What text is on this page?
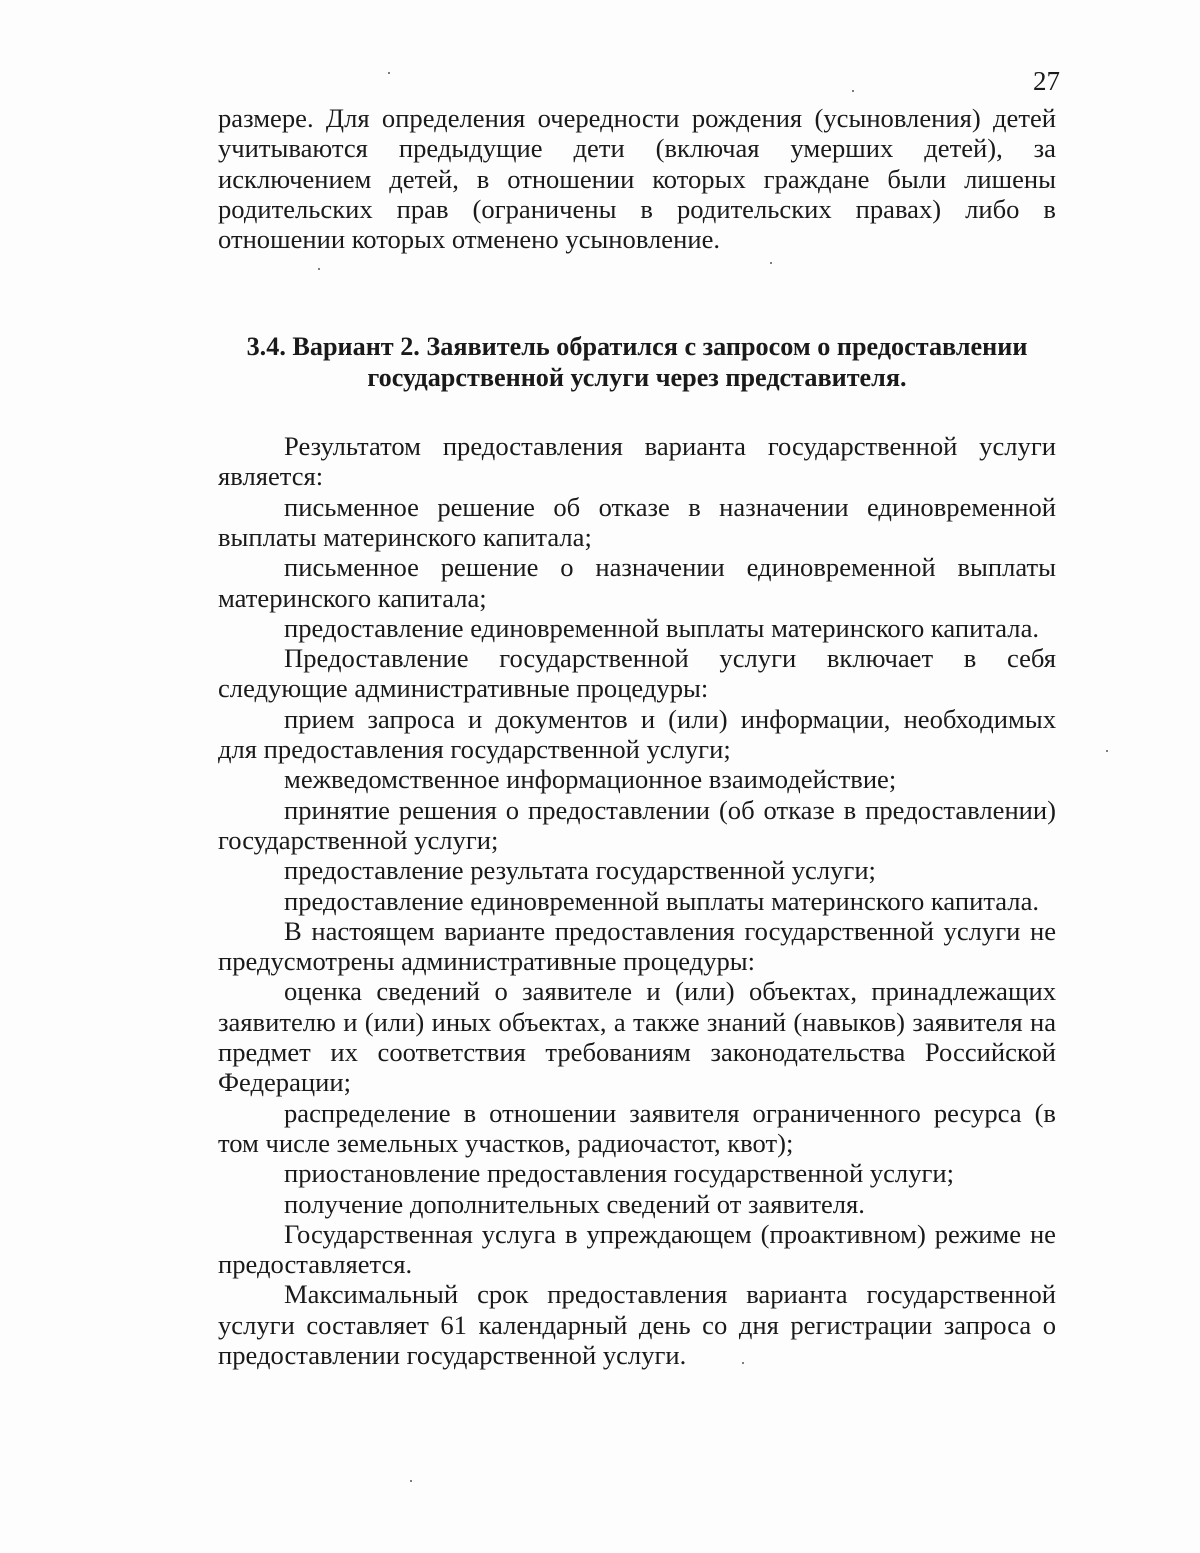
27

размере. Для определения очередности рождения (усыновления) детей учитываются предыдущие дети (включая умерших детей), за исключением детей, в отношении которых граждане были лишены родительских прав (ограничены в родительских правах) либо в отношении которых отменено усыновление.

3.4. Вариант 2. Заявитель обратился с запросом о предоставлении государственной услуги через представителя.

Результатом предоставления варианта государственной услуги является:

письменное решение об отказе в назначении единовременной выплаты материнского капитала;

письменное решение о назначении единовременной выплаты материнского капитала;

предоставление единовременной выплаты материнского капитала.

Предоставление государственной услуги включает в себя следующие административные процедуры:

прием запроса и документов и (или) информации, необходимых для предоставления государственной услуги;

межведомственное информационное взаимодействие;

принятие решения о предоставлении (об отказе в предоставлении) государственной услуги;

предоставление результата государственной услуги;

предоставление единовременной выплаты материнского капитала.

В настоящем варианте предоставления государственной услуги не предусмотрены административные процедуры:

оценка сведений о заявителе и (или) объектах, принадлежащих заявителю и (или) иных объектах, а также знаний (навыков) заявителя на предмет их соответствия требованиям законодательства Российской Федерации;

распределение в отношении заявителя ограниченного ресурса (в том числе земельных участков, радиочастот, квот);

приостановление предоставления государственной услуги;

получение дополнительных сведений от заявителя.

Государственная услуга в упреждающем (проактивном) режиме не предоставляется.

Максимальный срок предоставления варианта государственной услуги составляет 61 календарный день со дня регистрации запроса о предоставлении государственной услуги.
